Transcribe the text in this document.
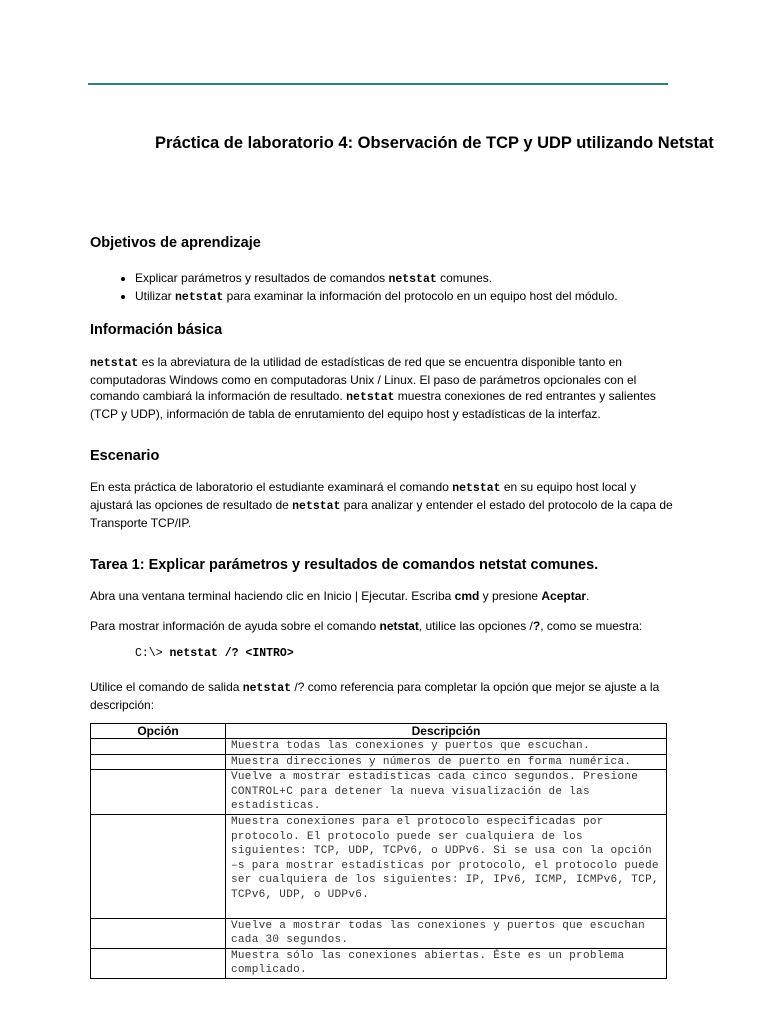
Práctica de laboratorio 4: Observación de TCP y UDP utilizando Netstat
Objetivos de aprendizaje
• Explicar parámetros y resultados de comandos netstat comunes.
• Utilizar netstat para examinar la información del protocolo en un equipo host del módulo.
Información básica
netstat es la abreviatura de la utilidad de estadísticas de red que se encuentra disponible tanto en computadoras Windows como en computadoras Unix / Linux. El paso de parámetros opcionales con el comando cambiará la información de resultado. netstat muestra conexiones de red entrantes y salientes (TCP y UDP), información de tabla de enrutamiento del equipo host y estadísticas de la interfaz.
Escenario
En esta práctica de laboratorio el estudiante examinará el comando netstat en su equipo host local y ajustará las opciones de resultado de netstat para analizar y entender el estado del protocolo de la capa de Transporte TCP/IP.
Tarea 1: Explicar parámetros y resultados de comandos netstat comunes.
Abra una ventana terminal haciendo clic en Inicio | Ejecutar. Escriba cmd y presione Aceptar.
Para mostrar información de ayuda sobre el comando netstat, utilice las opciones /?, como se muestra:
C:\> netstat /? <INTRO>
Utilice el comando de salida netstat /? como referencia para completar la opción que mejor se ajuste a la descripción:
Opción	Descripción
	Muestra todas las conexiones y puertos que escuchan.
	Muestra direcciones y números de puerto en forma numérica.
	Vuelve a mostrar estadísticas cada cinco segundos. Presione CONTROL+C para detener la nueva visualización de las estadísticas.
	Muestra conexiones para el protocolo especificadas por protocolo. El protocolo puede ser cualquiera de los siguientes: TCP, UDP, TCPv6, o UDPv6. Si se usa con la opción –s para mostrar estadísticas por protocolo, el protocolo puede ser cualquiera de los siguientes: IP, IPv6, ICMP, ICMPv6, TCP, TCPv6, UDP, o UDPv6.
	Vuelve a mostrar todas las conexiones y puertos que escuchan cada 30 segundos.
	Muestra sólo las conexiones abiertas. Éste es un problema complicado.
